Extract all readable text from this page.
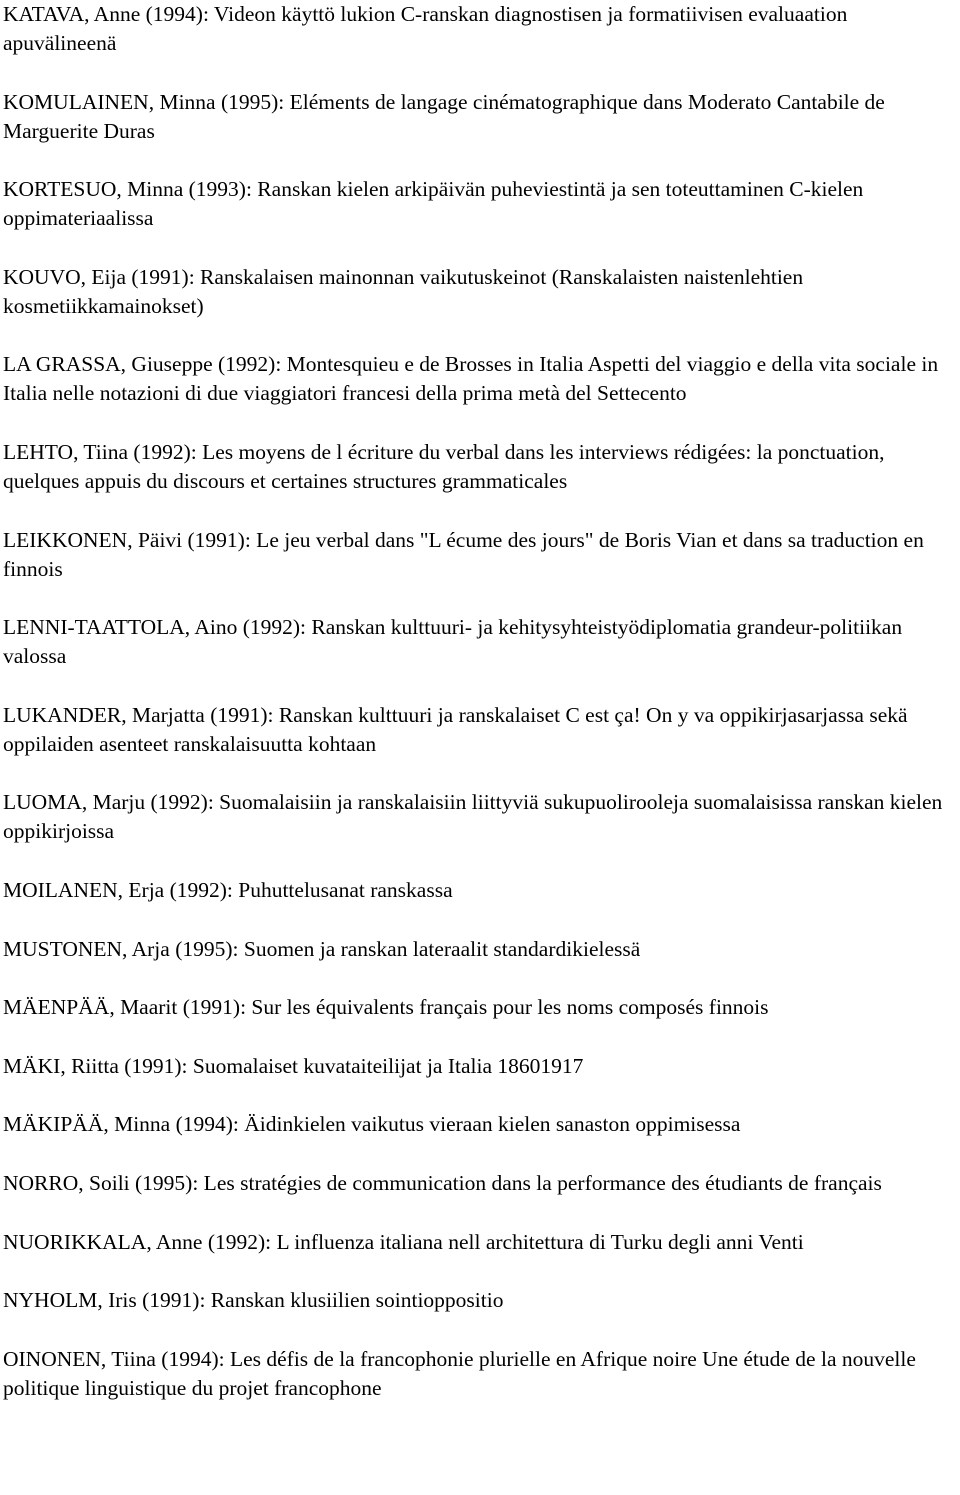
KATAVA, Anne (1994): Videon käyttö lukion C-ranskan diagnostisen ja formatiivisen evaluaation apuvälineenä

KOMULAINEN, Minna (1995): Eléments de langage cinématographique dans Moderato Cantabile de Marguerite Duras

KORTESUO, Minna (1993): Ranskan kielen arkipäivän puheviestintä ja sen toteuttaminen C-kielen oppimateriaalissa

KOUVO, Eija (1991): Ranskalaisen mainonnan vaikutuskeinot (Ranskalaisten naistenlehtien kosmetiikkamainokset)

LA GRASSA, Giuseppe (1992): Montesquieu e de Brosses in Italia Aspetti del viaggio e della vita sociale in Italia nelle notazioni di due viaggiatori francesi della prima metà del Settecento

LEHTO, Tiina (1992): Les moyens de l écriture du verbal dans les interviews rédigées: la ponctuation, quelques appuis du discours et certaines structures grammaticales

LEIKKONEN, Päivi (1991): Le jeu verbal dans "L écume des jours" de Boris Vian et dans sa traduction en finnois

LENNI-TAATTOLA, Aino (1992): Ranskan kulttuuri- ja kehitysyhteistyödiplomatia grandeur-politiikan valossa

LUKANDER, Marjatta (1991): Ranskan kulttuuri ja ranskalaiset C est ça! On y va oppikirjasarjassa sekä oppilaiden asenteet ranskalaisuutta kohtaan

LUOMA, Marju (1992): Suomalaisiin ja ranskalaisiin liittyviä sukupuolirooleja suomalaisissa ranskan kielen oppikirjoissa

MOILANEN, Erja (1992): Puhuttelusanat ranskassa

MUSTONEN, Arja (1995): Suomen ja ranskan lateraalit standardikielessä

MÄENPÄÄ, Maarit (1991): Sur les équivalents français pour les noms composés finnois

MÄKI, Riitta (1991): Suomalaiset kuvataiteilijat ja Italia 18601917

MÄKIPÄÄ, Minna (1994): Äidinkielen vaikutus vieraan kielen sanaston oppimisessa

NORRO, Soili (1995): Les stratégies de communication dans la performance des étudiants de français

NUORIKKALA, Anne (1992): L influenza italiana nell architettura di Turku degli anni Venti

NYHOLM, Iris (1991): Ranskan klusiilien sointioppositio

OINONEN, Tiina (1994): Les défis de la francophonie plurielle en Afrique noire Une étude de la nouvelle politique linguistique du projet francophone
